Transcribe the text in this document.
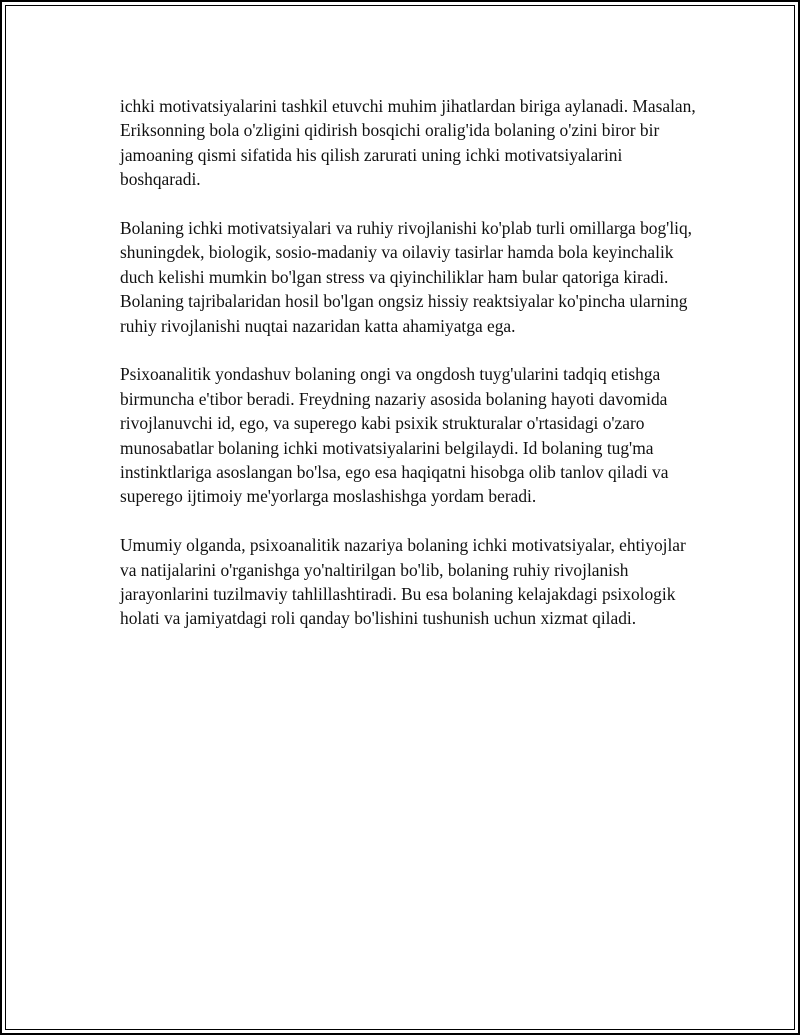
ichki motivatsiyalarini tashkil etuvchi muhim jihatlardan biriga aylanadi. Masalan, Eriksonning bola o'zligini qidirish bosqichi oralig'ida bolaning o'zini biror bir jamoaning qismi sifatida his qilish zarurati uning ichki motivatsiyalarini boshqaradi.

Bolaning ichki motivatsiyalari va ruhiy rivojlanishi ko'plab turli omillarga bog'liq, shuningdek, biologik, sosio-madaniy va oilaviy tasirlar hamda bola keyinchalik duch kelishi mumkin bo'lgan stress va qiyinchiliklar ham bular qatoriga kiradi. Bolaning tajribalaridan hosil bo'lgan ongsiz hissiy reaktsiyalar ko'pincha ularning ruhiy rivojlanishi nuqtai nazaridan katta ahamiyatga ega.

Psixoanalitik yondashuv bolaning ongi va ongdosh tuyg'ularini tadqiq etishga birmuncha e'tibor beradi. Freydning nazariy asosida bolaning hayoti davomida rivojlanuvchi id, ego, va superego kabi psixik strukturalar o'rtasidagi o'zaro munosabatlar bolaning ichki motivatsiyalarini belgilaydi. Id bolaning tug'ma instinktlariga asoslangan bo'lsa, ego esa haqiqatni hisobga olib tanlov qiladi va superego ijtimoiy me'yorlarga moslashishga yordam beradi.

Umumiy olganda, psixoanalitik nazariya bolaning ichki motivatsiyalar, ehtiyojlar va natijalarini o'rganishga yo'naltirilgan bo'lib, bolaning ruhiy rivojlanish jarayonlarini tuzilmaviy tahlillashtiradi. Bu esa bolaning kelajakdagi psixologik holati va jamiyatdagi roli qanday bo'lishini tushunish uchun xizmat qiladi.
